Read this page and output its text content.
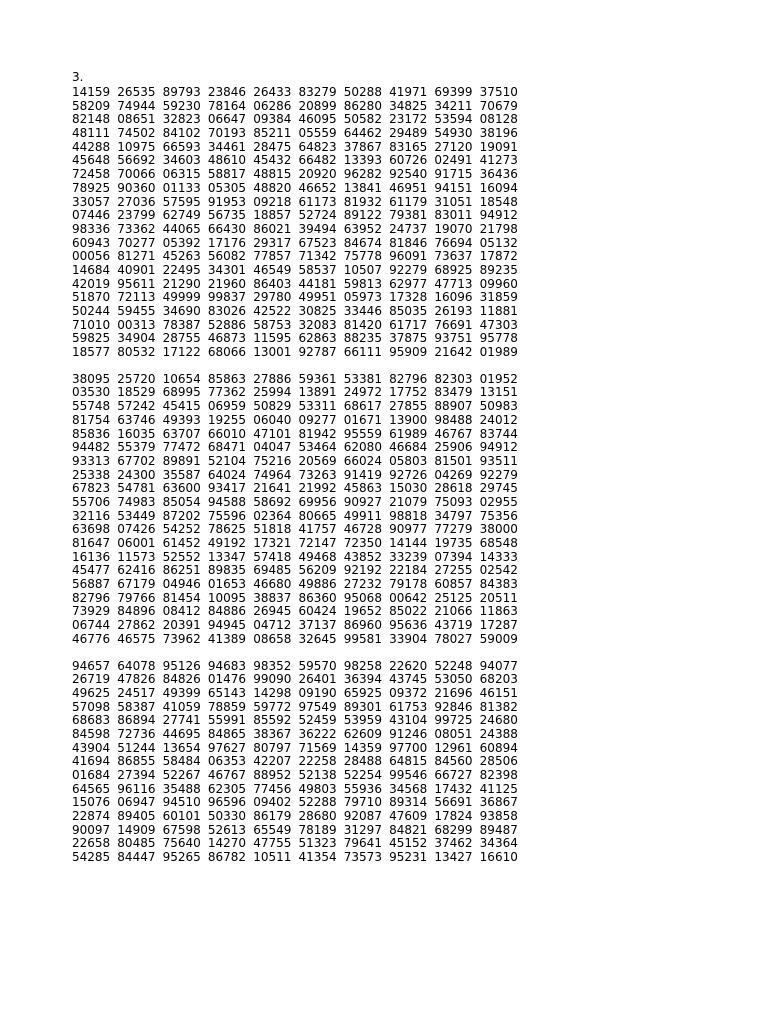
3.
14159 26535 89793 23846 26433 83279 50288 41971 69399 37510
58209 74944 59230 78164 06286 20899 86280 34825 34211 70679
82148 08651 32823 06647 09384 46095 50582 23172 53594 08128
48111 74502 84102 70193 85211 05559 64462 29489 54930 38196
44288 10975 66593 34461 28475 64823 37867 83165 27120 19091
45648 56692 34603 48610 45432 66482 13393 60726 02491 41273
72458 70066 06315 58817 48815 20920 96282 92540 91715 36436
78925 90360 01133 05305 48820 46652 13841 46951 94151 16094
33057 27036 57595 91953 09218 61173 81932 61179 31051 18548
07446 23799 62749 56735 18857 52724 89122 79381 83011 94912
98336 73362 44065 66430 86021 39494 63952 24737 19070 21798
60943 70277 05392 17176 29317 67523 84674 81846 76694 05132
00056 81271 45263 56082 77857 71342 75778 96091 73637 17872
14684 40901 22495 34301 46549 58537 10507 92279 68925 89235
42019 95611 21290 21960 86403 44181 59813 62977 47713 09960
51870 72113 49999 99837 29780 49951 05973 17328 16096 31859
50244 59455 34690 83026 42522 30825 33446 85035 26193 11881
71010 00313 78387 52886 58753 32083 81420 61717 76691 47303
59825 34904 28755 46873 11595 62863 88235 37875 93751 95778
18577 80532 17122 68066 13001 92787 66111 95909 21642 01989
38095 25720 10654 85863 27886 59361 53381 82796 82303 01952
03530 18529 68995 77362 25994 13891 24972 17752 83479 13151
55748 57242 45415 06959 50829 53311 68617 27855 88907 50983
81754 63746 49393 19255 06040 09277 01671 13900 98488 24012
85836 16035 63707 66010 47101 81942 95559 61989 46767 83744
94482 55379 77472 68471 04047 53464 62080 46684 25906 94912
93313 67702 89891 52104 75216 20569 66024 05803 81501 93511
25338 24300 35587 64024 74964 73263 91419 92726 04269 92279
67823 54781 63600 93417 21641 21992 45863 15030 28618 29745
55706 74983 85054 94588 58692 69956 90927 21079 75093 02955
32116 53449 87202 75596 02364 80665 49911 98818 34797 75356
63698 07426 54252 78625 51818 41757 46728 90977 77279 38000
81647 06001 61452 49192 17321 72147 72350 14144 19735 68548
16136 11573 52552 13347 57418 49468 43852 33239 07394 14333
45477 62416 86251 89835 69485 56209 92192 22184 27255 02542
56887 67179 04946 01653 46680 49886 27232 79178 60857 84383
82796 79766 81454 10095 38837 86360 95068 00642 25125 20511
73929 84896 08412 84886 26945 60424 19652 85022 21066 11863
06744 27862 20391 94945 04712 37137 86960 95636 43719 17287
46776 46575 73962 41389 08658 32645 99581 33904 78027 59009
94657 64078 95126 94683 98352 59570 98258 22620 52248 94077
26719 47826 84826 01476 99090 26401 36394 43745 53050 68203
49625 24517 49399 65143 14298 09190 65925 09372 21696 46151
57098 58387 41059 78859 59772 97549 89301 61753 92846 81382
68683 86894 27741 55991 85592 52459 53959 43104 99725 24680
84598 72736 44695 84865 38367 36222 62609 91246 08051 24388
43904 51244 13654 97627 80797 71569 14359 97700 12961 60894
41694 86855 58484 06353 42207 22258 28488 64815 84560 28506
01684 27394 52267 46767 88952 52138 52254 99546 66727 82398
64565 96116 35488 62305 77456 49803 55936 34568 17432 41125
15076 06947 94510 96596 09402 52288 79710 89314 56691 36867
22874 89405 60101 50330 86179 28680 92087 47609 17824 93858
90097 14909 67598 52613 65549 78189 31297 84821 68299 89487
22658 80485 75640 14270 47755 51323 79641 45152 37462 34364
54285 84447 95265 86782 10511 41354 73573 95231 13427 16610
